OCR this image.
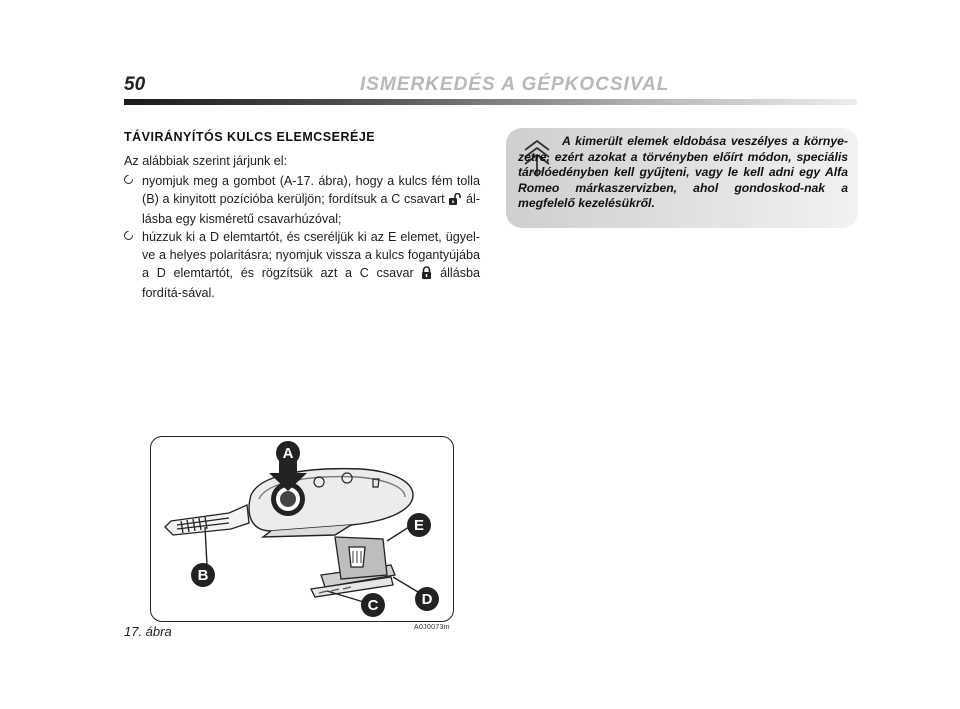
50	ISMERKEDÉS A GÉPKOCSIVAL

TÁVIRÁNYÍTÓS KULCS ELEMCSERÉJE

Az alábbiak szerint járjunk el:

nyomjuk meg a gombot (A-17. ábra), hogy a kulcs fém tolla (B) a kinyitott pozícióba kerüljön; fordítsuk a C csavart ál-lásba egy kisméretű csavarhúzóval;

húzzuk ki a D elemtartót, és cseréljük ki az E elemet, ügyel-ve a helyes polaritásra; nyomjuk vissza a kulcs fogantyújába a D elemtartót, és rögzítsük azt a C csavar állásba fordítá-sával.

A kimerült elemek eldobása veszélyes a környe-zetre, ezért azokat a törvényben előírt módon, speciális tárolóedényben kell gyűjteni, vagy le kell adni egy Alfa Romeo márkaszervizben, ahol gondoskod-nak a megfelelő kezelésükről.

A
B
E
C	D
17. ábra	A0J0073m
